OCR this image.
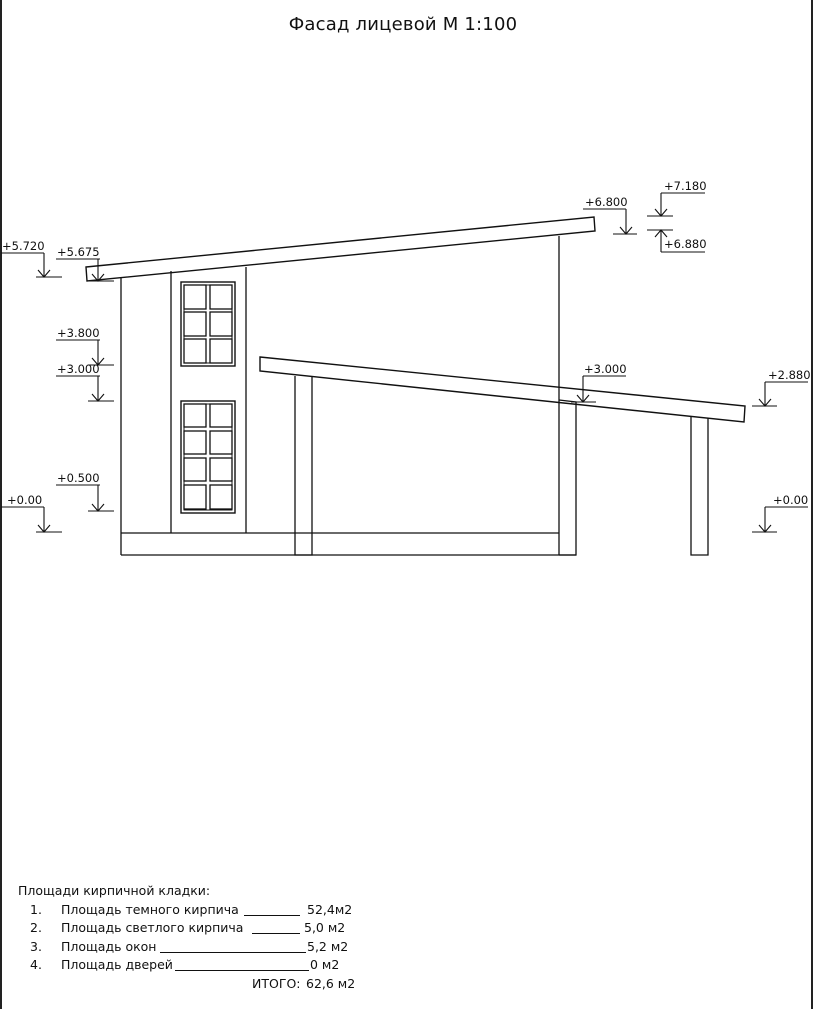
Фасад лицевой М 1:100
+5.720 +5.675
+3.800
+3.000
+0.500
+0.00
+6.800
+3.000	+2.880
+0.00
+7.180
+6.880
Площади кирпичной кладки:
1. Площадь темного кирпича	52,4м2
2. Площадь светлого кирпича	5,0 м2
3. Площадь окон	5,2 м2
4. Площадь дверей	0 м2
ИТОГО: 62,6 м2
